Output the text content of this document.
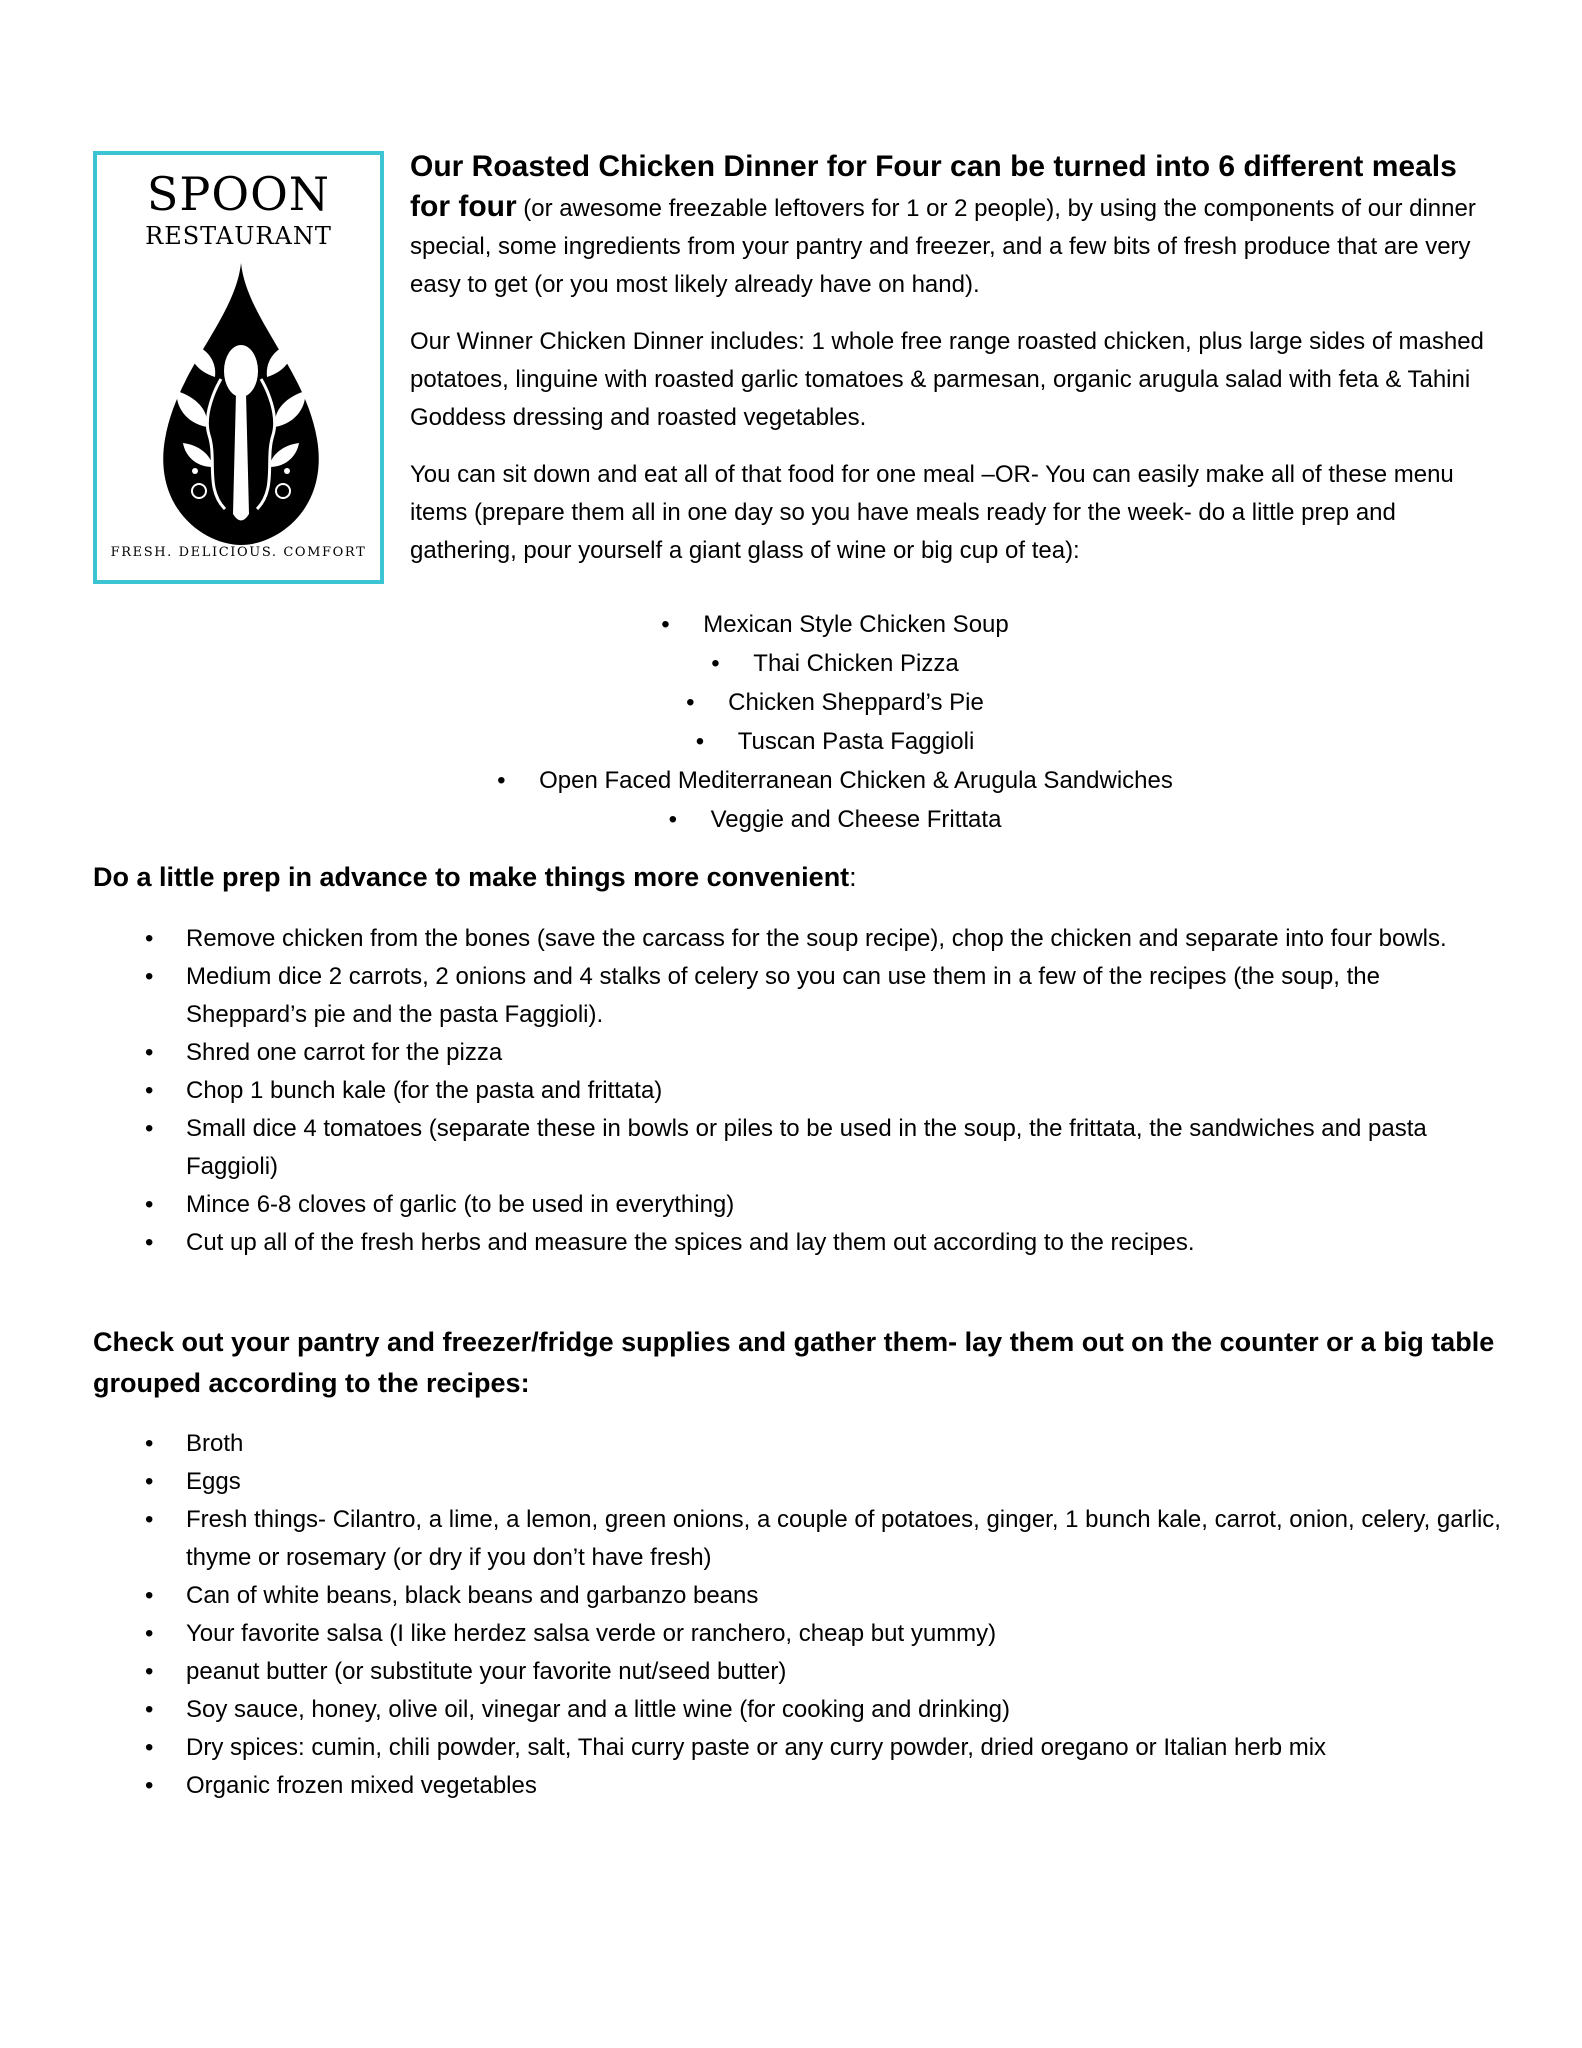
SPOON
RESTAURANT
FRESH. DELICIOUS. COMFORT

Our Roasted Chicken Dinner for Four can be turned into 6 different meals for four (or awesome freezable leftovers for 1 or 2 people), by using the components of our dinner special, some ingredients from your pantry and freezer, and a few bits of fresh produce that are very easy to get (or you most likely already have on hand).

Our Winner Chicken Dinner includes: 1 whole free range roasted chicken, plus large sides of mashed potatoes, linguine with roasted garlic tomatoes & parmesan, organic arugula salad with feta & Tahini Goddess dressing and roasted vegetables.

You can sit down and eat all of that food for one meal –OR- You can easily make all of these menu items (prepare them all in one day so you have meals ready for the week- do a little prep and gathering, pour yourself a giant glass of wine or big cup of tea):

• Mexican Style Chicken Soup
• Thai Chicken Pizza
• Chicken Sheppard’s Pie
• Tuscan Pasta Faggioli
• Open Faced Mediterranean Chicken & Arugula Sandwiches
• Veggie and Cheese Frittata
Do a little prep in advance to make things more convenient:
• Remove chicken from the bones (save the carcass for the soup recipe), chop the chicken and separate into four bowls.
• Medium dice 2 carrots, 2 onions and 4 stalks of celery so you can use them in a few of the recipes (the soup, the Sheppard’s pie and the pasta Faggioli).
• Shred one carrot for the pizza
• Chop 1 bunch kale (for the pasta and frittata)
• Small dice 4 tomatoes (separate these in bowls or piles to be used in the soup, the frittata, the sandwiches and pasta Faggioli)
• Mince 6-8 cloves of garlic (to be used in everything)
• Cut up all of the fresh herbs and measure the spices and lay them out according to the recipes.
Check out your pantry and freezer/fridge supplies and gather them- lay them out on the counter or a big table grouped according to the recipes:
• Broth
• Eggs
• Fresh things- Cilantro, a lime, a lemon, green onions, a couple of potatoes, ginger, 1 bunch kale, carrot, onion, celery, garlic, thyme or rosemary (or dry if you don’t have fresh)
• Can of white beans, black beans and garbanzo beans
• Your favorite salsa (I like herdez salsa verde or ranchero, cheap but yummy)
• peanut butter (or substitute your favorite nut/seed butter)
• Soy sauce, honey, olive oil, vinegar and a little wine (for cooking and drinking)
• Dry spices: cumin, chili powder, salt, Thai curry paste or any curry powder, dried oregano or Italian herb mix
• Organic frozen mixed vegetables
